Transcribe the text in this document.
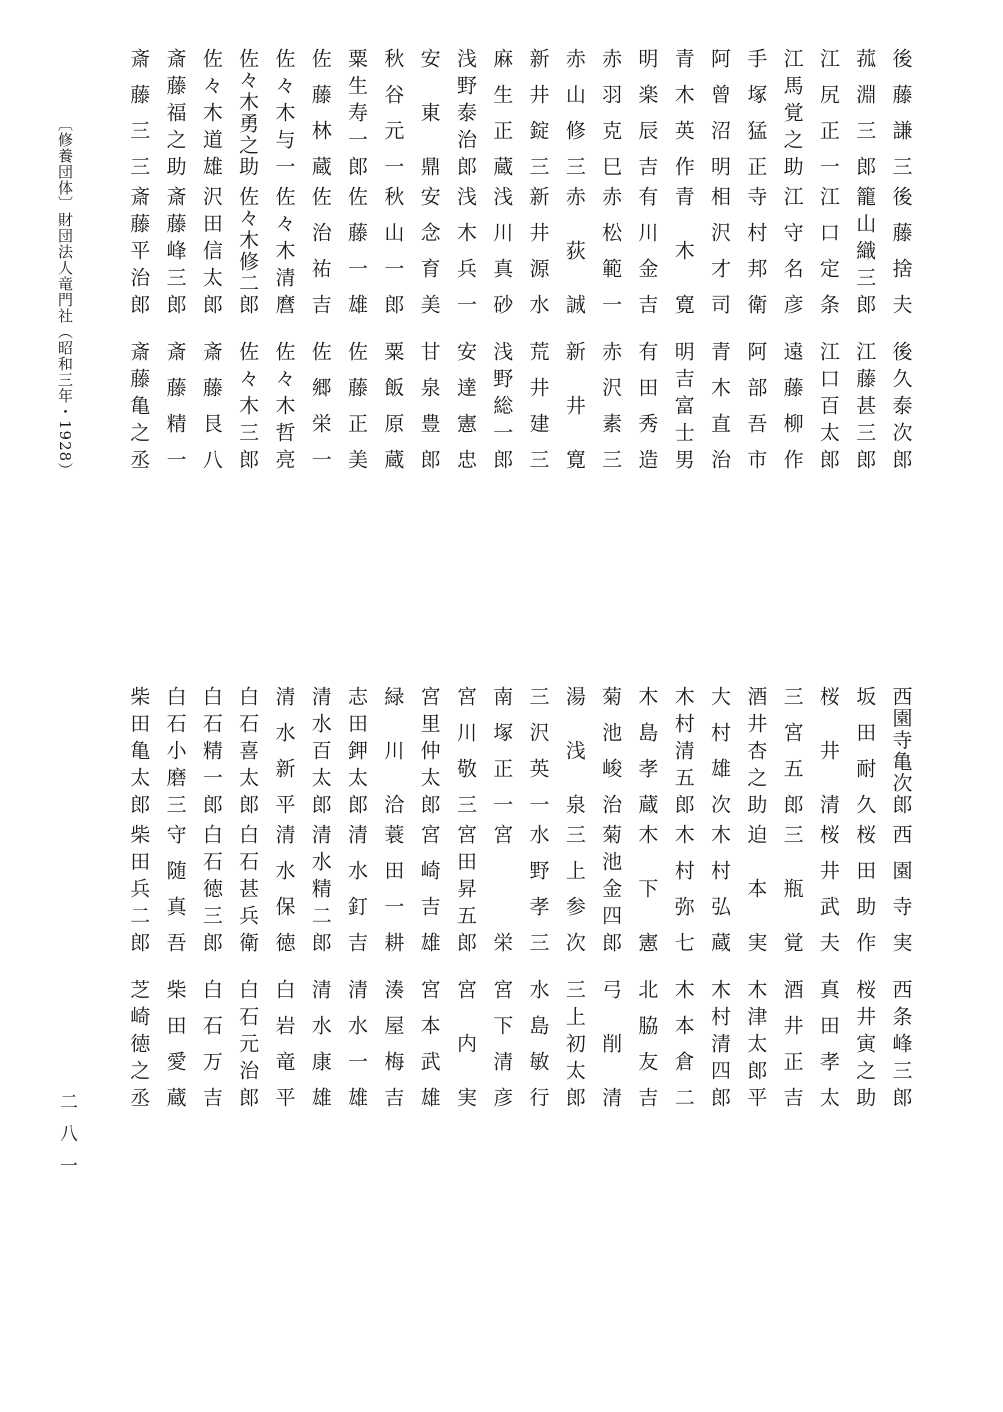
後藤謙三
後藤捨夫
後久泰次郎
菰淵三郎
籠山織三郎
江藤甚三郎
江尻正一
江口定条
江口百太郎
江馬覚之助
江守名彦
遠藤柳作
手塚猛正
寺村邦衛
阿部吾市
阿曾沼明
相沢才司
青木直治
青木英作
青木寛
明吉富士男
明楽辰吉
有川金吉
有田秀造
赤羽克巳
赤松範一
赤沢素三
赤山修三
赤荻誠
新井寛
新井錠三
新井源水
荒井建三
麻生正蔵
浅川真砂
浅野総一郎
浅野泰治郎
浅木兵一
安達憲忠
安東鼎
安念育美
甘泉豊郎
秋谷元一
秋山一郎
粟飯原蔵
粟生寿一郎
佐藤一雄
佐藤正美
佐藤林蔵
佐治祐吉
佐郷栄一
佐々木与一
佐々木清麿
佐々木哲亮
佐々木勇之助
佐々木修二郎
佐々木三郎
佐々木道雄
沢田信太郎
斎藤艮八
斎藤福之助
斎藤峰三郎
斎藤精一
斎藤三三
斎藤平治郎
斎藤亀之丞
西園寺亀次郎
西園寺実
西条峰三郎
坂田耐久
桜田助作
桜井寅之助
桜井清
桜井武夫
真田孝太
三宮五郎
三瓶覚
酒井正吉
酒井杏之助
迫本実
木津太郎平
大村雄次
木村弘蔵
木村清四郎
木村清五郎
木村弥七
木本倉二
木島孝蔵
木下憲
北脇友吉
菊池峻治
菊池金四郎
弓削清
湯浅泉
三上参次
三上初太郎
三沢英一
水野孝三
水島敏行
南塚正一
宮栄
宮下清彦
宮川敬三
宮田昇五郎
宮内実
宮里仲太郎
宮崎吉雄
宮本武雄
緑川洽
蓑田一耕
湊屋梅吉
志田鉀太郎
清水釘吉
清水一雄
清水百太郎
清水精二郎
清水康雄
清水新平
清水保徳
白岩竜平
白石喜太郎
白石甚兵衛
白石元治郎
白石精一郎
白石徳三郎
白石万吉
白石小磨三
守随真吾
柴田愛蔵
柴田亀太郎
柴田兵二郎
芝崎徳之丞
〔修養団体〕財団法人竜門社（昭和三年・1928）
二八一
